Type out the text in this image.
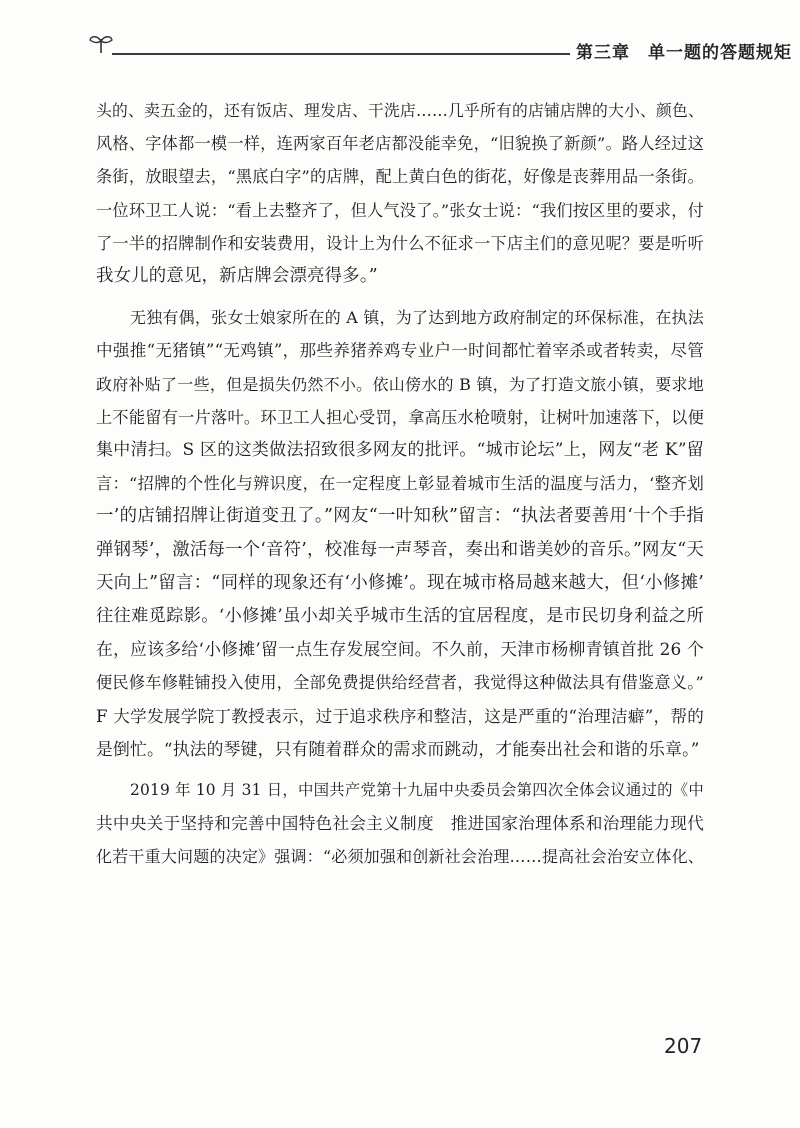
第三章 单一题的答题规矩
头的、卖五金的，还有饭店、理发店、干洗店……几乎所有的店铺店牌的大小、颜色、
风格、字体都一模一样，连两家百年老店都没能幸免，“旧貌换了新颜”。路人经过这
条街，放眼望去，“黑底白字”的店牌，配上黄白色的街花，好像是丧葬用品一条街。
一位环卫工人说：“看上去整齐了，但人气没了。”张女士说：“我们按区里的要求，付
了一半的招牌制作和安装费用，设计上为什么不征求一下店主们的意见呢？要是听听
我女儿的意见，新店牌会漂亮得多。”
无独有偶，张女士娘家所在的 A 镇，为了达到地方政府制定的环保标准，在执法
中强推“无猪镇”“无鸡镇”，那些养猪养鸡专业户一时间都忙着宰杀或者转卖，尽管
政府补贴了一些，但是损失仍然不小。依山傍水的 B 镇，为了打造文旅小镇，要求地
上不能留有一片落叶。环卫工人担心受罚，拿高压水枪喷射，让树叶加速落下，以便
集中清扫。S 区的这类做法招致很多网友的批评。“城市论坛”上，网友“老 K”留
言：“招牌的个性化与辨识度，在一定程度上彰显着城市生活的温度与活力，‘整齐划
一’的店铺招牌让街道变丑了。”网友“一叶知秋”留言：“执法者要善用‘十个手指
弹钢琴’，激活每一个‘音符’，校准每一声琴音，奏出和谐美妙的音乐。”网友“天
天向上”留言：“同样的现象还有‘小修摊’。现在城市格局越来越大，但‘小修摊’
往往难觅踪影。‘小修摊’虽小却关乎城市生活的宜居程度，是市民切身利益之所
在，应该多给‘小修摊’留一点生存发展空间。不久前，天津市杨柳青镇首批 26 个
便民修车修鞋铺投入使用，全部免费提供给经营者，我觉得这种做法具有借鉴意义。”
F 大学发展学院丁教授表示，过于追求秩序和整洁，这是严重的“治理洁癖”，帮的
是倒忙。“执法的琴键，只有随着群众的需求而跳动，才能奏出社会和谐的乐章。”
2019 年 10 月 31 日，中国共产党第十九届中央委员会第四次全体会议通过的《中
共中央关于坚持和完善中国特色社会主义制度　推进国家治理体系和治理能力现代
化若干重大问题的决定》强调：“必须加强和创新社会治理……提高社会治安立体化、
207
